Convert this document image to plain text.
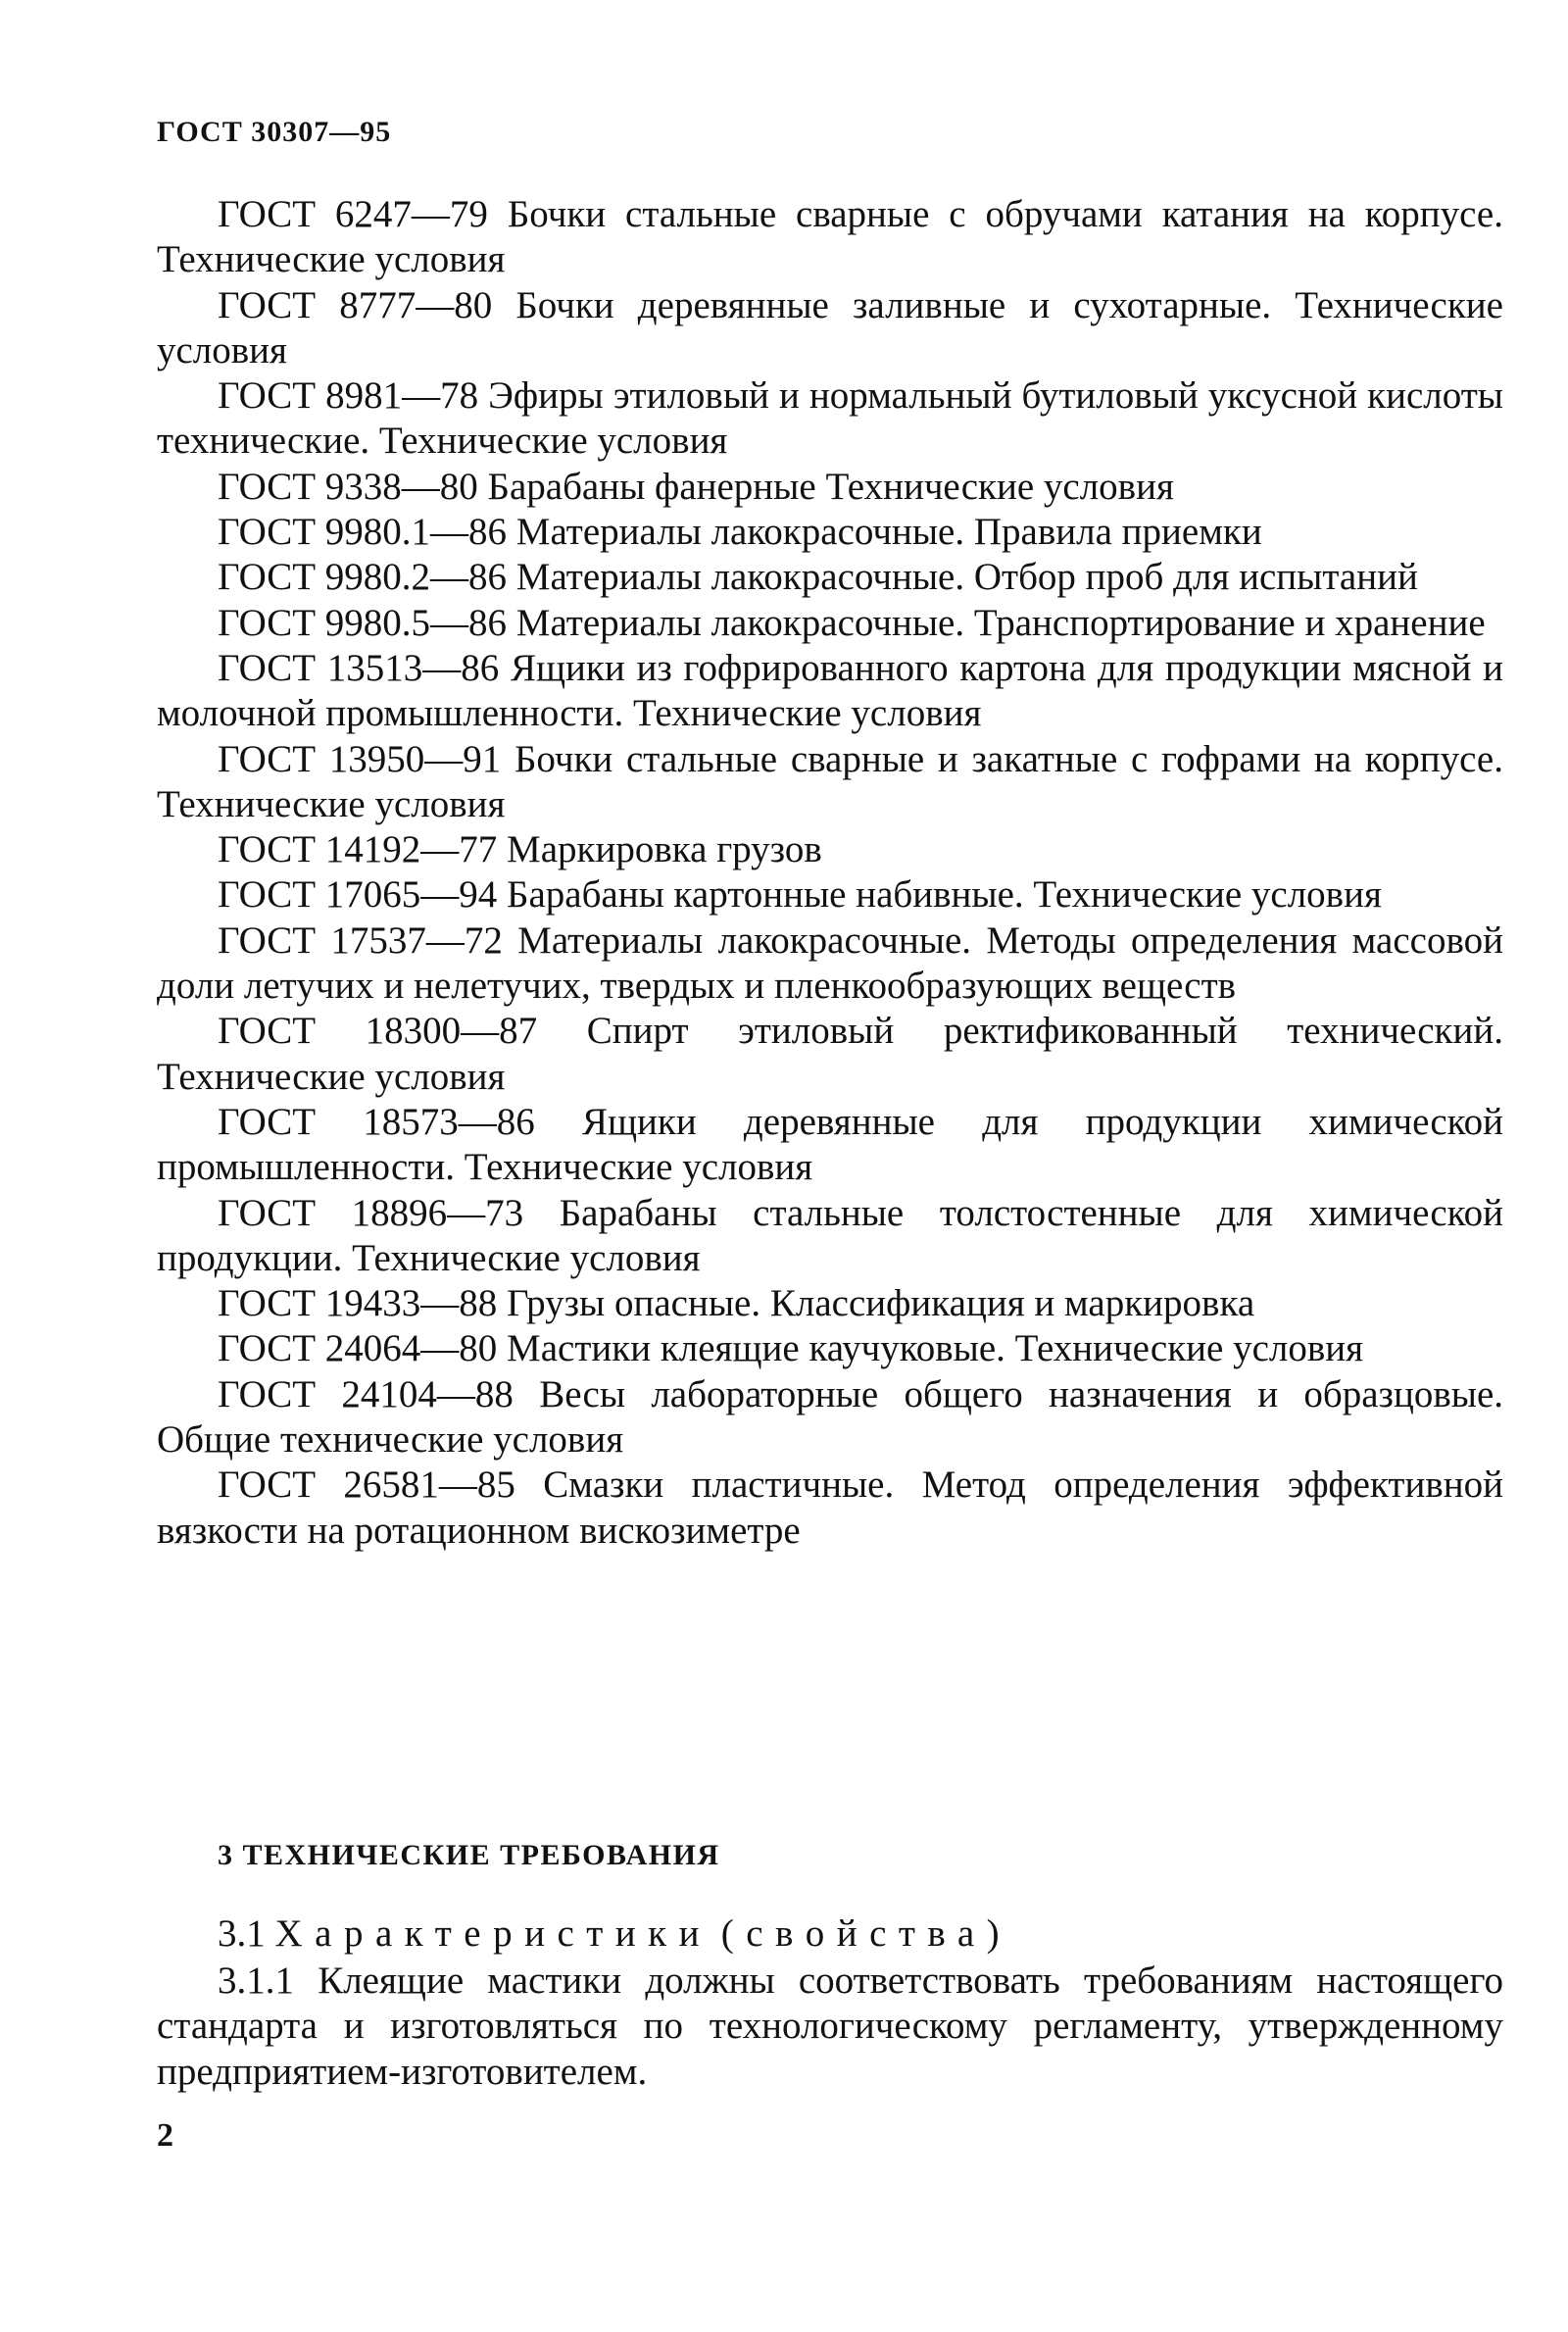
ГОСТ 30307—95

ГОСТ 6247—79 Бочки стальные сварные с обручами катания на корпусе. Технические условия
ГОСТ 8777—80 Бочки деревянные заливные и сухотарные. Технические условия
ГОСТ 8981—78 Эфиры этиловый и нормальный бутиловый уксусной кислоты технические. Технические условия
ГОСТ 9338—80 Барабаны фанерные Технические условия
ГОСТ 9980.1—86 Материалы лакокрасочные. Правила приемки
ГОСТ 9980.2—86 Материалы лакокрасочные. Отбор проб для испытаний
ГОСТ 9980.5—86 Материалы лакокрасочные. Транспортирование и хранение
ГОСТ 13513—86 Ящики из гофрированного картона для продукции мясной и молочной промышленности. Технические условия
ГОСТ 13950—91 Бочки стальные сварные и закатные с гофрами на корпусе. Технические условия
ГОСТ 14192—77 Маркировка грузов
ГОСТ 17065—94 Барабаны картонные набивные. Технические условия
ГОСТ 17537—72 Материалы лакокрасочные. Методы определения массовой доли летучих и нелетучих, твердых и пленкообразующих веществ
ГОСТ 18300—87 Спирт этиловый ректификованный технический. Технические условия
ГОСТ 18573—86 Ящики деревянные для продукции химической промышленности. Технические условия
ГОСТ 18896—73 Барабаны стальные толстостенные для химической продукции. Технические условия
ГОСТ 19433—88 Грузы опасные. Классификация и маркировка
ГОСТ 24064—80 Мастики клеящие каучуковые. Технические условия
ГОСТ 24104—88 Весы лабораторные общего назначения и образцовые. Общие технические условия
ГОСТ 26581—85 Смазки пластичные. Метод определения эффективной вязкости на ротационном вискозиметре
3 ТЕХНИЧЕСКИЕ ТРЕБОВАНИЯ
3.1 Характеристики (свойства)

3.1.1 Клеящие мастики должны соответствовать требованиям настоящего стандарта и изготовляться по технологическому регламенту, утвержденному предприятием-изготовителем.

2
